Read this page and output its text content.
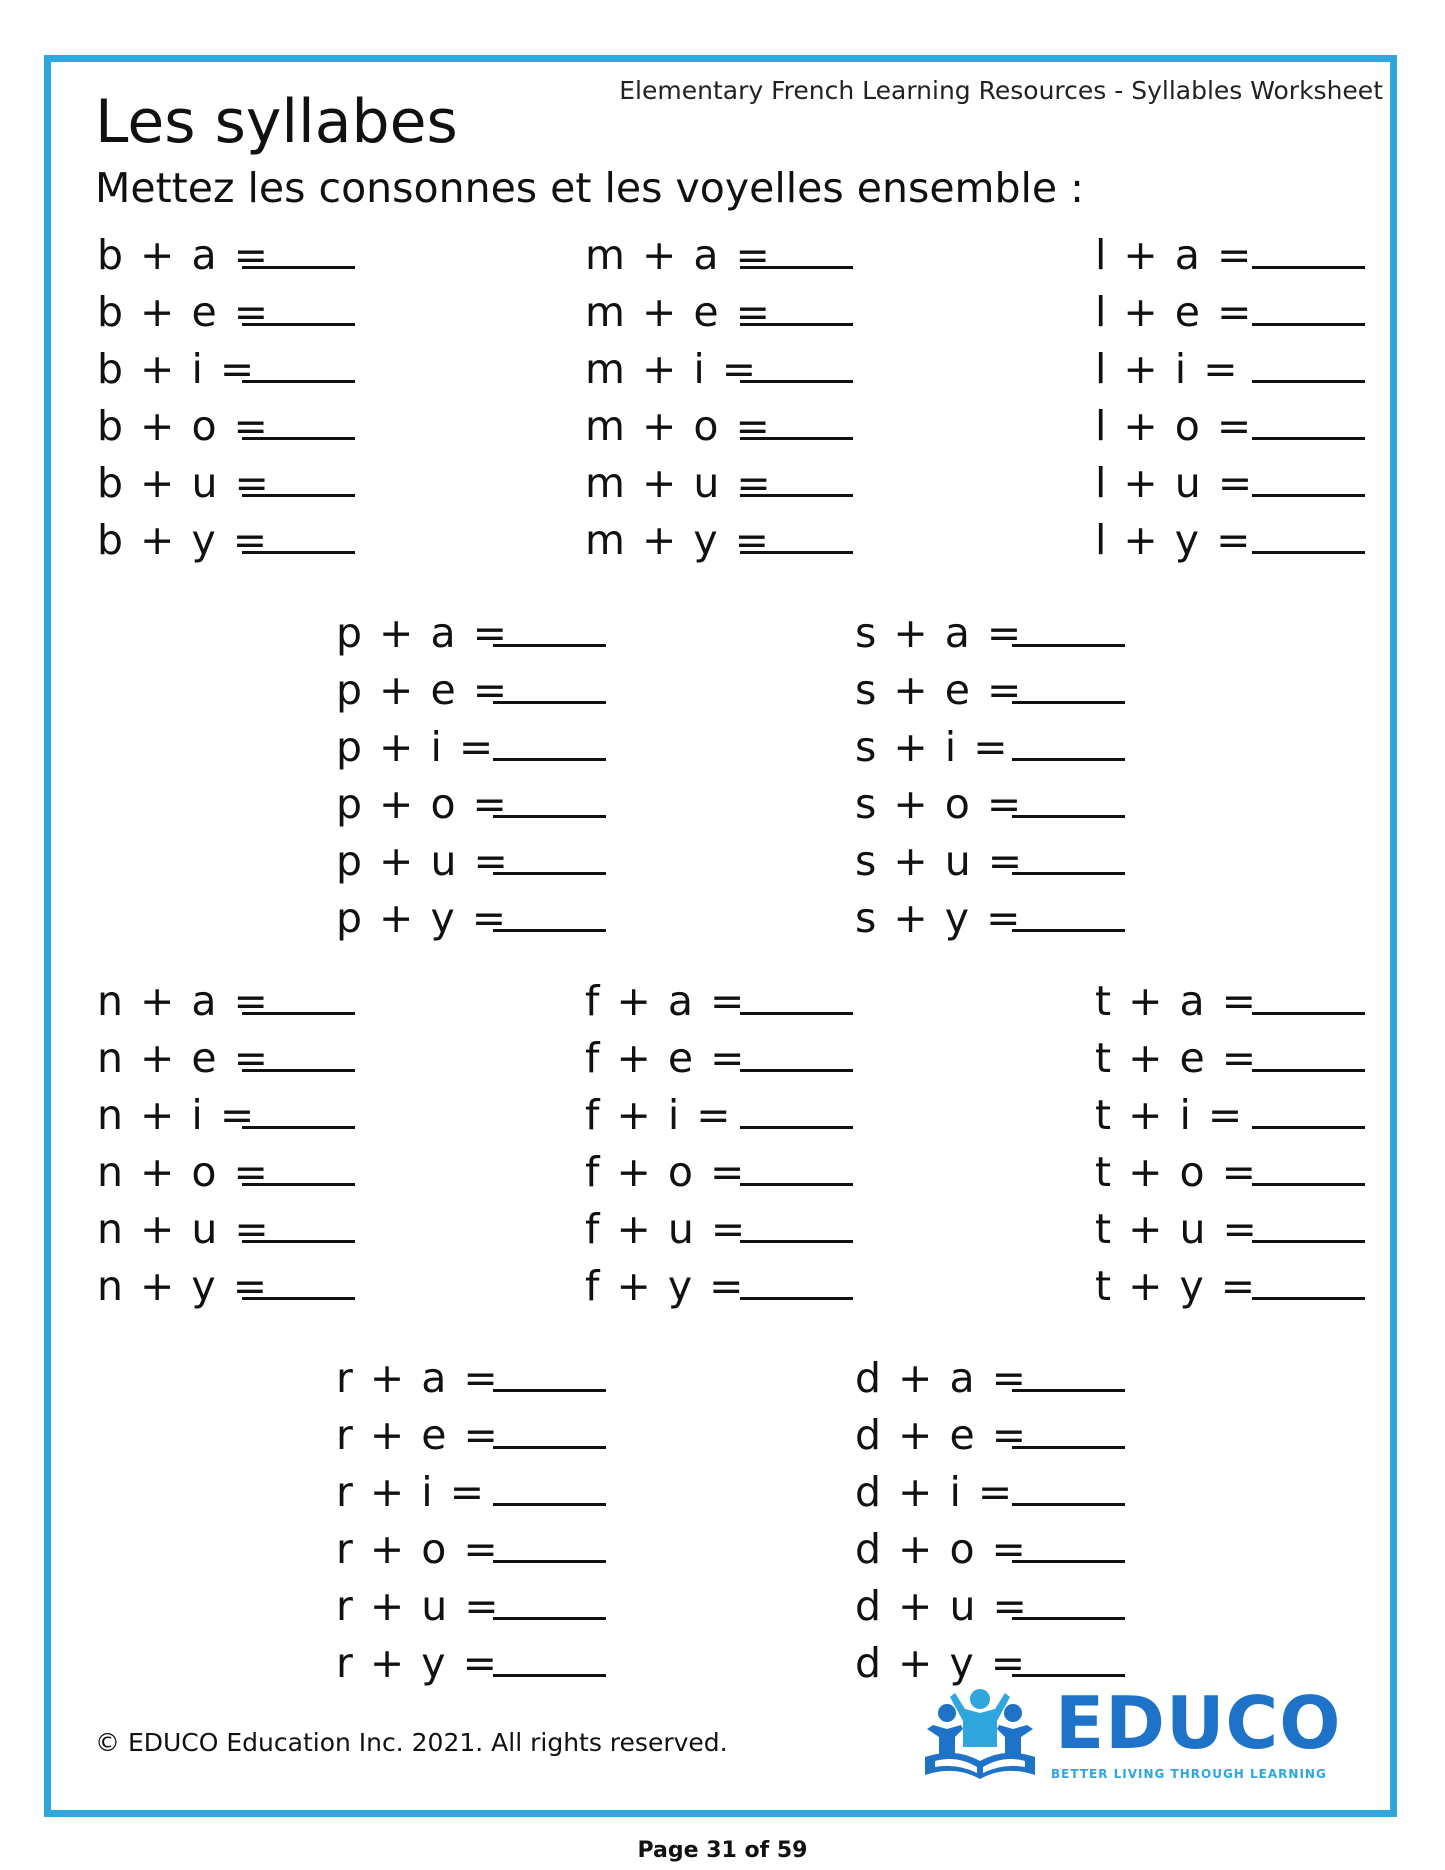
Elementary French Learning Resources - Syllables Worksheet
Les syllabes
Mettez les consonnes et les voyelles ensemble :
b + a =
b + e =
b + i =
b + o =
b + u =
b + y =
m + a =
m + e =
m + i =
m + o =
m + u =
m + y =
l + a =
l + e =
l + i =
l + o =
l + u =
l + y =
p + a =
p + e =
p + i =
p + o =
p + u =
p + y =
s + a =
s + e =
s + i =
s + o =
s + u =
s + y =
n + a =
n + e =
n + i =
n + o =
n + u =
n + y =
f + a =
f + e =
f + i =
f + o =
f + u =
f + y =
t + a =
t + e =
t + i =
t + o =
t + u =
t + y =
r + a =
r + e =
r + i =
r + o =
r + u =
r + y =
d + a =
d + e =
d + i =
d + o =
d + u =
d + y =
© EDUCO Education Inc. 2021. All rights reserved.	EDUCO
BETTER LIVING THROUGH LEARNING
Page 31 of 59
